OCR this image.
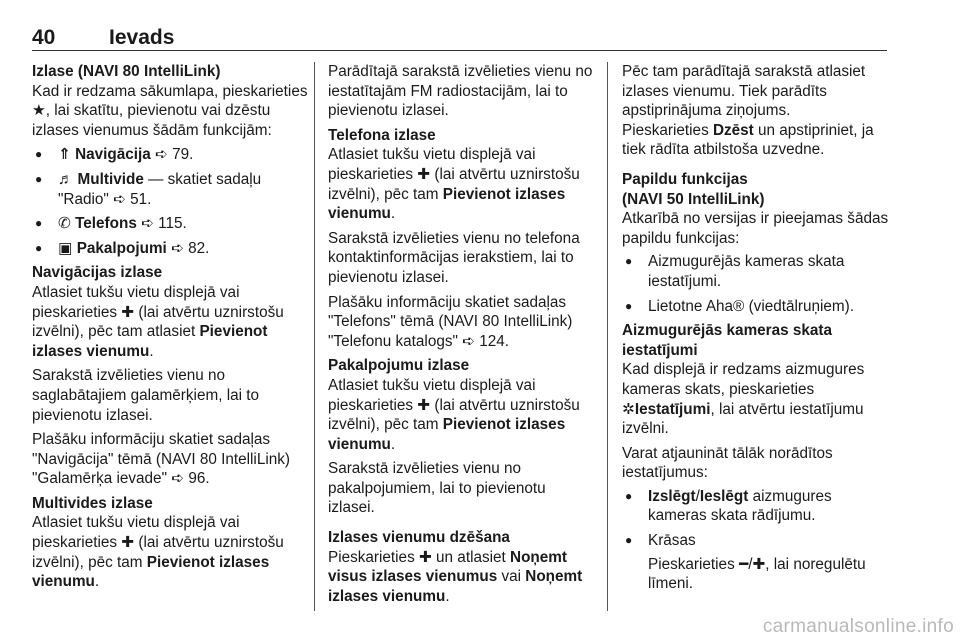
40	Ievads
Izlase (NAVI 80 IntelliLink)
Kad ir redzama sākumlapa, pieskarieties ★, lai skatītu, pievienotu vai dzēstu izlases vienumus šādām funkcijām:
● ⇑ Navigācija ➪ 79.
● ♬ Multivide — skatiet sadaļu "Radio" ➪ 51.
● ✆ Telefons ➪ 115.
● ▣ Pakalpojumi ➪ 82.
Navigācijas izlase
Atlasiet tukšu vietu displejā vai pieskarieties ✚ (lai atvērtu uznirstošu izvēlni), pēc tam atlasiet Pievienot izlases vienumu.
Sarakstā izvēlieties vienu no saglabātajiem galamērķiem, lai to pievienotu izlasei.
Plašāku informāciju skatiet sadaļas "Navigācija" tēmā (NAVI 80 IntelliLink) "Galamērķa ievade" ➪ 96.
Multivides izlase
Atlasiet tukšu vietu displejā vai pieskarieties ✚ (lai atvērtu uznirstošu izvēlni), pēc tam Pievienot izlases vienumu.
Parādītajā sarakstā izvēlieties vienu no iestatītajām FM radiostacijām, lai to pievienotu izlasei.
Telefona izlase
Atlasiet tukšu vietu displejā vai pieskarieties ✚ (lai atvērtu uznirstošu izvēlni), pēc tam Pievienot izlases vienumu.
Sarakstā izvēlieties vienu no telefona kontaktinformācijas ierakstiem, lai to pievienotu izlasei.
Plašāku informāciju skatiet sadaļas "Telefons" tēmā (NAVI 80 IntelliLink) "Telefonu katalogs" ➪ 124.
Pakalpojumu izlase
Atlasiet tukšu vietu displejā vai pieskarieties ✚ (lai atvērtu uznirstošu izvēlni), pēc tam Pievienot izlases vienumu.
Sarakstā izvēlieties vienu no pakalpojumiem, lai to pievienotu izlasei.
Izlases vienumu dzēšana
Pieskarieties ✚ un atlasiet Noņemt visus izlases vienumus vai Noņemt izlases vienumu.
Pēc tam parādītajā sarakstā atlasiet izlases vienumu. Tiek parādīts apstiprinājuma ziņojums.
Pieskarieties Dzēst un apstipriniet, ja tiek rādīta atbilstoša uzvedne.
Papildu funkcijas
(NAVI 50 IntelliLink)
Atkarībā no versijas ir pieejamas šādas papildu funkcijas:
● Aizmugurējās kameras skata iestatījumi.
● Lietotne Aha® (viedtālruņiem).
Aizmugurējās kameras skata
iestatījumi
Kad displejā ir redzams aizmugures kameras skats, pieskarieties ✲Iestatījumi, lai atvērtu iestatījumu izvēlni.
Varat atjaunināt tālāk norādītos iestatījumus:
● Izslēgt/Ieslēgt aizmugures kameras skata rādījumu.
● Krāsas
Pieskarieties ━/✚, lai noregulētu līmeni.
carmanualsonline.info
